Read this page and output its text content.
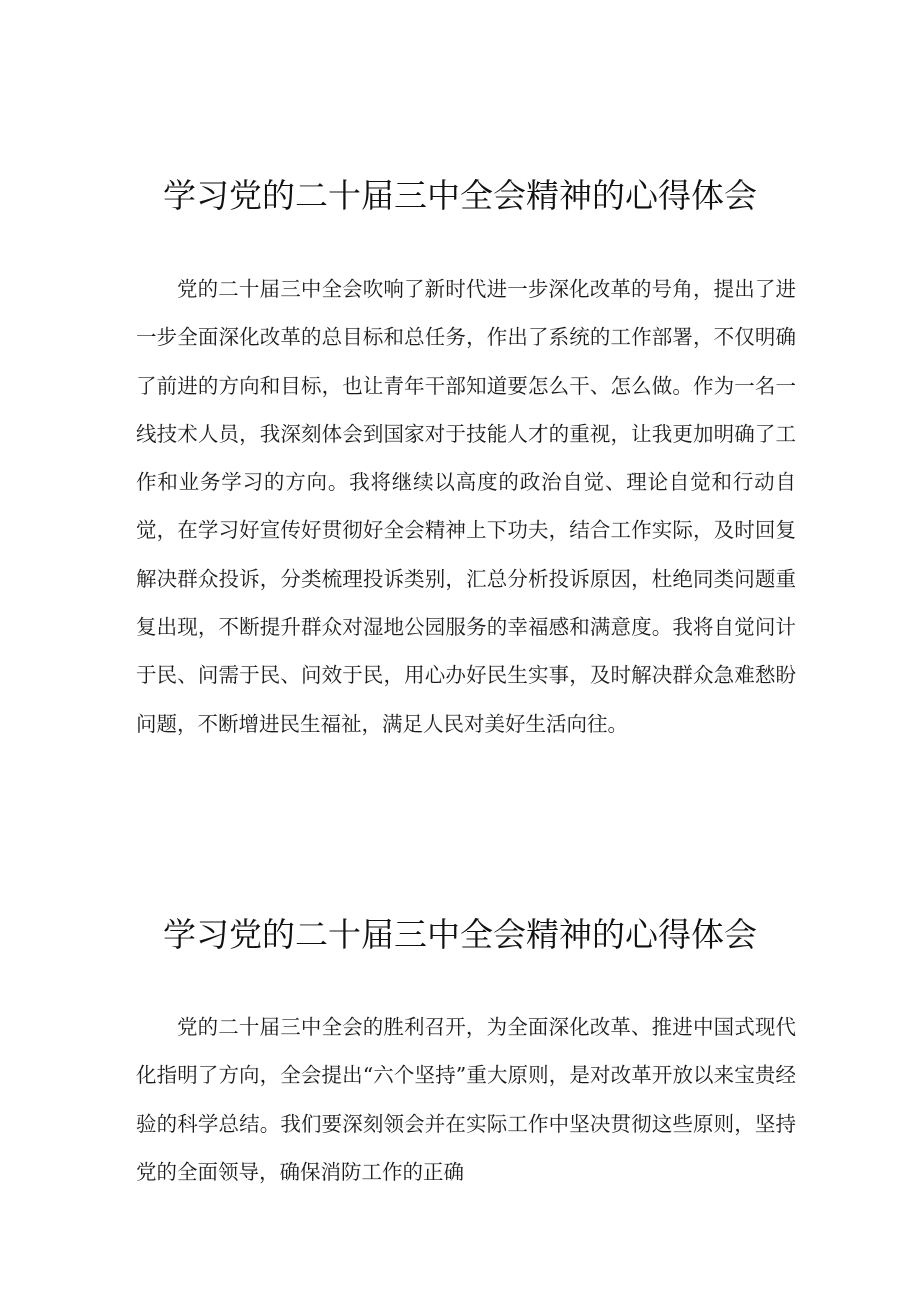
学习党的二十届三中全会精神的心得体会

党的二十届三中全会吹响了新时代进一步深化改革的号角，提出了进一步全面深化改革的总目标和总任务，作出了系统的工作部署，不仅明确了前进的方向和目标，也让青年干部知道要怎么干、怎么做。作为一名一线技术人员，我深刻体会到国家对于技能人才的重视，让我更加明确了工作和业务学习的方向。我将继续以高度的政治自觉、理论自觉和行动自觉，在学习好宣传好贯彻好全会精神上下功夫，结合工作实际，及时回复解决群众投诉，分类梳理投诉类别，汇总分析投诉原因，杜绝同类问题重复出现，不断提升群众对湿地公园服务的幸福感和满意度。我将自觉问计于民、问需于民、问效于民，用心办好民生实事，及时解决群众急难愁盼问题，不断增进民生福祉，满足人民对美好生活向往。

学习党的二十届三中全会精神的心得体会

党的二十届三中全会的胜利召开，为全面深化改革、推进中国式现代化指明了方向，全会提出“六个坚持”重大原则，是对改革开放以来宝贵经验的科学总结。我们要深刻领会并在实际工作中坚决贯彻这些原则，坚持党的全面领导，确保消防工作的正确
